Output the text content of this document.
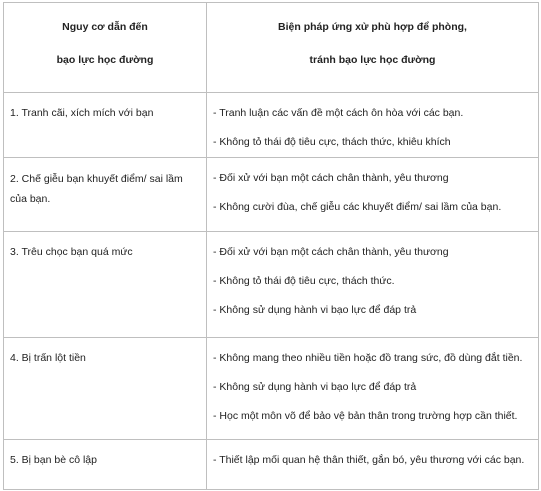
Nguy cơ dẫn đến
bạo lực học đường	Biện pháp ứng xử phù hợp để phòng,
tránh bạo lực học đường

1. Tranh cãi, xích mích với bạn	- Tranh luận các vấn đề một cách ôn hòa với các bạn.
- Không tỏ thái độ tiêu cực, thách thức, khiêu khích

2. Chế giễu bạn khuyết điểm/ sai lầm của bạn.	- Đối xử với bạn một cách chân thành, yêu thương
- Không cười đùa, chế giễu các khuyết điểm/ sai lầm của bạn.

3. Trêu chọc bạn quá mức	- Đối xử với bạn một cách chân thành, yêu thương
- Không tỏ thái độ tiêu cực, thách thức.
- Không sử dụng hành vi bạo lực để đáp trả

4. Bị trấn lột tiền	- Không mang theo nhiều tiền hoặc đồ trang sức, đồ dùng đắt tiền.
- Không sử dụng hành vi bạo lực để đáp trả
- Học một môn võ để bảo vệ bản thân trong trường hợp cần thiết.

5. Bị bạn bè cô lập	- Thiết lập mối quan hệ thân thiết, gắn bó, yêu thương với các bạn.
